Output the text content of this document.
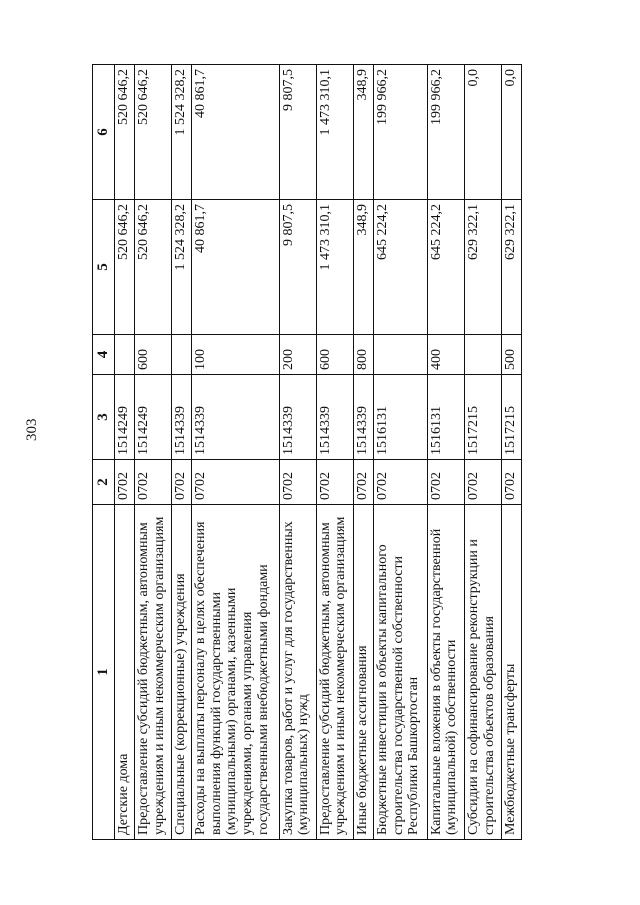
303
1	2	3	4	5	6
Детские дома	0702	1514249		520 646,2	520 646,2
Предоставление субсидий бюджетным, автономным учреждениям и иным некоммерческим организациям	0702	1514249	600	520 646,2	520 646,2
Специальные (коррекционные) учреждения	0702	1514339		1 524 328,2	1 524 328,2
Расходы на выплаты персоналу в целях обеспечения выполнения функций государственными (муниципальными) органами, казенными учреждениями, органами управления государственными внебюджетными фондами	0702	1514339	100	40 861,7	40 861,7
Закупка товаров, работ и услуг для государственных (муниципальных) нужд	0702	1514339	200	9 807,5	9 807,5
Предоставление субсидий бюджетным, автономным учреждениям и иным некоммерческим организациям	0702	1514339	600	1 473 310,1	1 473 310,1
Иные бюджетные ассигнования	0702	1514339	800	348,9	348,9
Бюджетные инвестиции в объекты капитального строительства государственной собственности Республики Башкортостан	0702	1516131		645 224,2	199 966,2
Капитальные вложения в объекты государственной (муниципальной) собственности	0702	1516131	400	645 224,2	199 966,2
Субсидии на софинансирование реконструкции и строительства объектов образования	0702	1517215		629 322,1	0,0
Межбюджетные трансферты	0702	1517215	500	629 322,1	0,0
